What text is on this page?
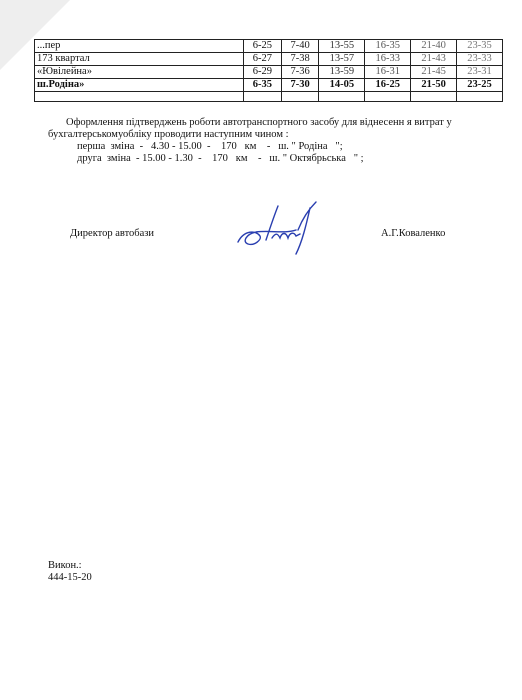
...пер	6-25	7-40	13-55	16-35	21-40	23-35
173 квартал	6-27	7-38	13-57	16-33	21-43	23-33
«Ювілейна»	6-29	7-36	13-59	16-31	21-45	23-31
ш.Родіна»	6-35	7-30	14-05	16-25	21-50	23-25

Оформлення підтверджень роботи автотранспортного засобу для віднесенн я витрат у
бухгалтерськомуобліку проводити наступним чином :
перша  зміна  -   4.30 - 15.00  -    170   км    -   ш. " Родіна   ";
друга  зміна  - 15.00 - 1.30  -    170   км    -   ш. " Октябрьська   " ;
Директор автобази	А.Г.Коваленко
Викон.:
444-15-20
